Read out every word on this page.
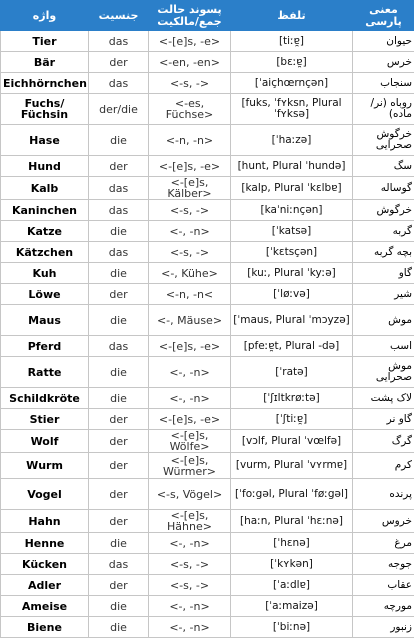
واژه	جنسیت	پسوند حالت جمع/مالکیت	تلفظ	معنی پارسی
Tier	das	<-[e]s, -e>	[tiːɐ̯]	حیوان
Bär	der	<-en, -en>	[bɛːɐ̯]	خرس
Eichhörnchen	das	<-s, ->	[ˈaiçhœrnçən]	سنجاب
Fuchs/ Füchsin	der/die	<-es, Füchse>	[fuks, ˈfʏksn, Plural ˈfʏksə]	روباه (نر/ماده)
Hase	die	<-n, -n>	[ˈhaːzə]	خرگوش صحرایی
Hund	der	<-[e]s, -e>	[hunt, Plural ˈhundə]	سگ
Kalb	das	<-[e]s, Kälber>	[kalp, Plural ˈkɛlbɐ]	گوساله
Kaninchen	das	<-s, ->	[kaˈniːnçən]	خرگوش
Katze	die	<-, -n>	[ˈkatsə]	گربه
Kätzchen	das	<-s, ->	[ˈkɛtsçən]	بچه گربه
Kuh	die	<-, Kühe>	[kuː, Plural ˈkyːə]	گاو
Löwe	der	<-n, -n<	[ˈløːvə]	شیر
Maus	die	<-, Mäuse>	[ˈmaus, Plural ˈmɔyzə]	موش
Pferd	das	<-[e]s, -e>	[pfeːɐ̯t, Plural -də]	اسب
Ratte	die	<-, -n>	[ˈratə]	موش صحرایی
Schildkröte	die	<-, -n>	[ˈʃɪltkrøːtə]	لاک پشت
Stier	der	<-[e]s, -e>	[ˈʃtiːɐ̯]	گاو نر
Wolf	der	<-[e]s, Wölfe>	[vɔlf, Plural ˈvœlfə]	گرگ
Wurm	der	<-[e]s, Würmer>	[vurm, Plural ˈvʏrmɐ]	کرم
Vogel	der	<-s, Vögel>	[ˈfoːgəl, Plural ˈføːgəl]	پرنده
Hahn	der	<-[e]s, Hähne>	[haːn, Plural ˈhɛːnə]	خروس
Henne	die	<-, -n>	[ˈhɛnə]	مرغ
Kücken	das	<-s, ->	[ˈkʏkən]	جوجه
Adler	der	<-s, ->	[ˈaːdlɐ]	عقاب
Ameise	die	<-, -n>	[ˈaːmaizə]	مورچه
Biene	die	<-, -n>	[ˈbiːnə]	زنبور
